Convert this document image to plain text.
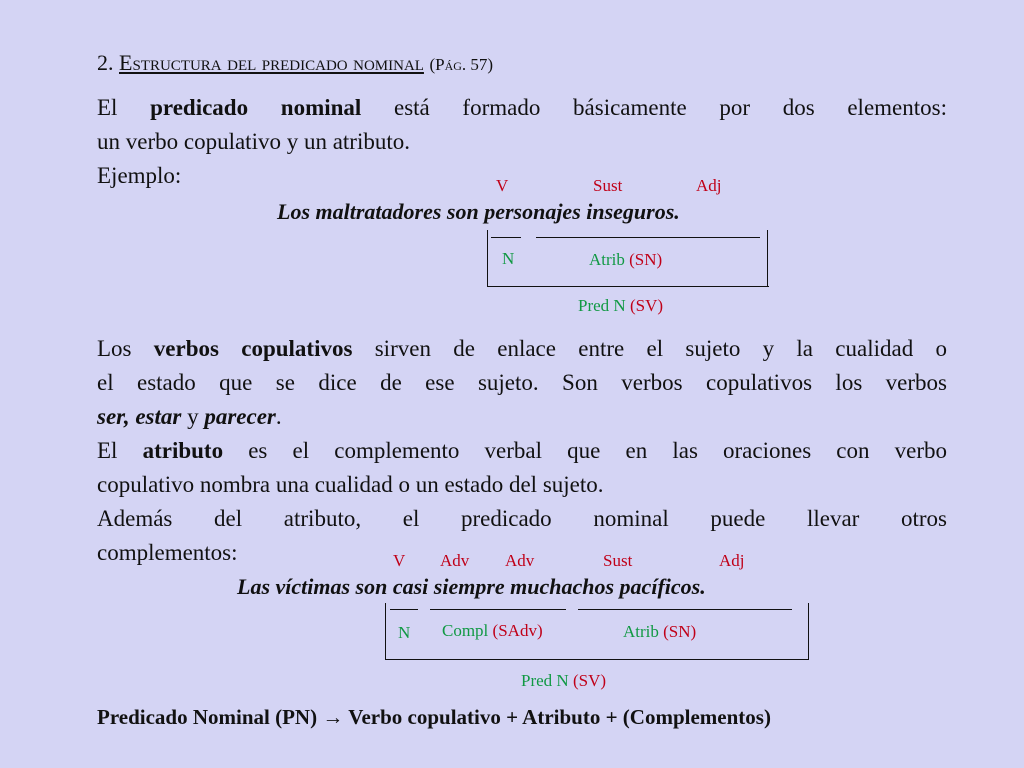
2. Estructura del predicado nominal (Pág. 57)
El predicado nominal está formado básicamente por dos elementos:
un verbo copulativo y un atributo.
Ejemplo:	V	Sust	Adj
Los maltratadores son personajes inseguros.
N	Atrib (SN)
Pred N (SV)
Los verbos copulativos sirven de enlace entre el sujeto y la cualidad o
el estado que se dice de ese sujeto. Son verbos copulativos los verbos
ser, estar y parecer.
El atributo es el complemento verbal que en las oraciones con verbo
copulativo nombra una cualidad o un estado del sujeto.
Además del atributo, el predicado nominal puede llevar otros
complementos:	V Adv Adv	Sust	Adj
Las víctimas son casi siempre muchachos pacíficos.
N Compl (SAdv)	Atrib (SN)
Pred N (SV)
Predicado Nominal (PN) → Verbo copulativo + Atributo + (Complementos)
